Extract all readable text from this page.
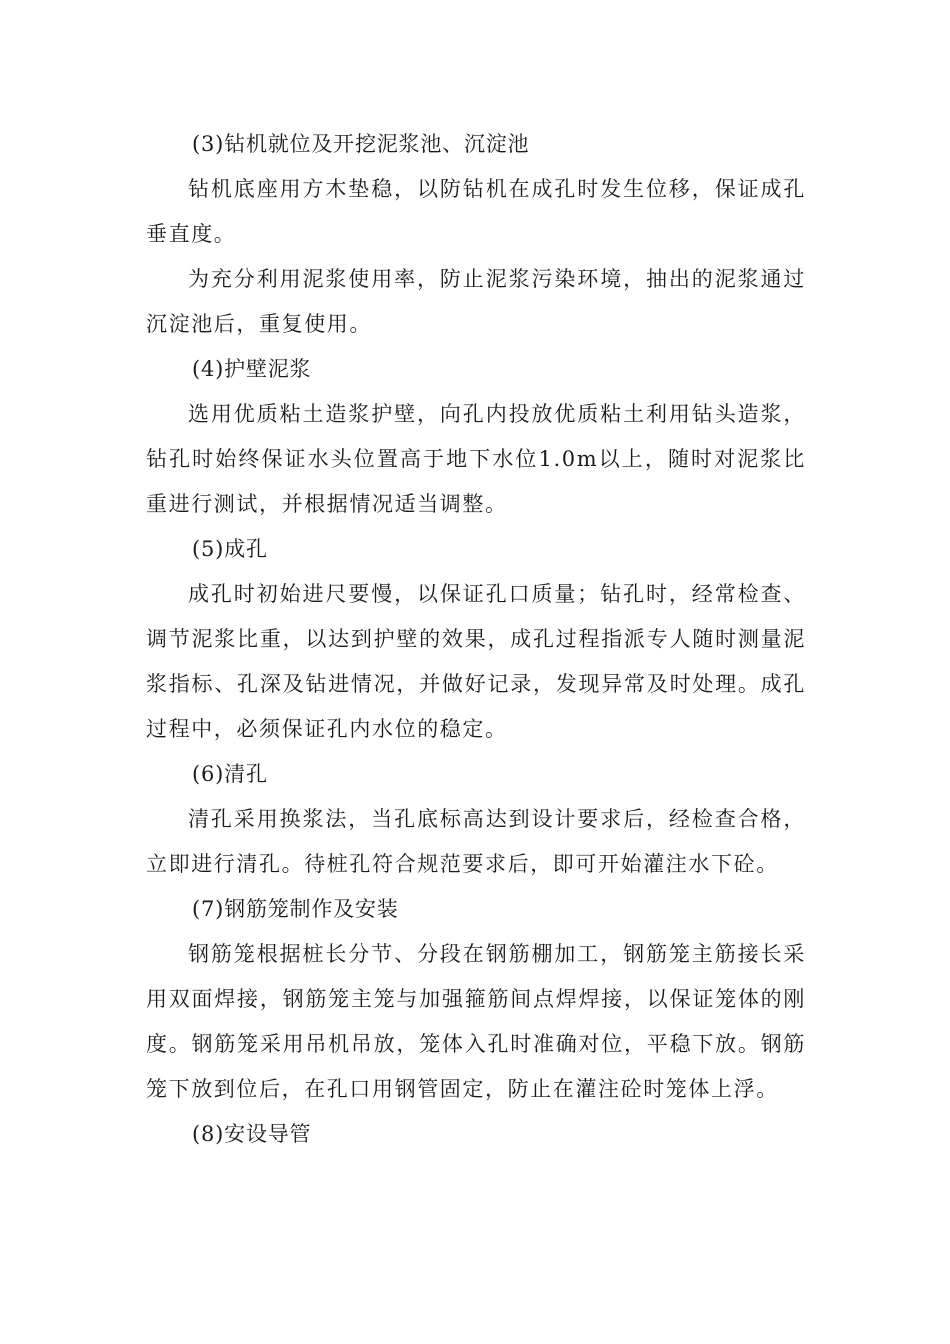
(3)钻机就位及开挖泥浆池、沉淀池

钻机底座用方木垫稳，以防钻机在成孔时发生位移，保证成孔垂直度。

为充分利用泥浆使用率，防止泥浆污染环境，抽出的泥浆通过沉淀池后，重复使用。

(4)护壁泥浆

选用优质粘土造浆护壁，向孔内投放优质粘土利用钻头造浆，钻孔时始终保证水头位置高于地下水位1.0m以上，随时对泥浆比重进行测试，并根据情况适当调整。

(5)成孔

成孔时初始进尺要慢，以保证孔口质量；钻孔时，经常检查、调节泥浆比重，以达到护壁的效果，成孔过程指派专人随时测量泥浆指标、孔深及钻进情况，并做好记录，发现异常及时处理。成孔过程中，必须保证孔内水位的稳定。

(6)清孔

清孔采用换浆法，当孔底标高达到设计要求后，经检查合格，立即进行清孔。待桩孔符合规范要求后，即可开始灌注水下砼。

(7)钢筋笼制作及安装

钢筋笼根据桩长分节、分段在钢筋棚加工，钢筋笼主筋接长采用双面焊接，钢筋笼主笼与加强箍筋间点焊焊接，以保证笼体的刚度。钢筋笼采用吊机吊放，笼体入孔时准确对位，平稳下放。钢筋笼下放到位后，在孔口用钢管固定，防止在灌注砼时笼体上浮。

(8)安设导管
